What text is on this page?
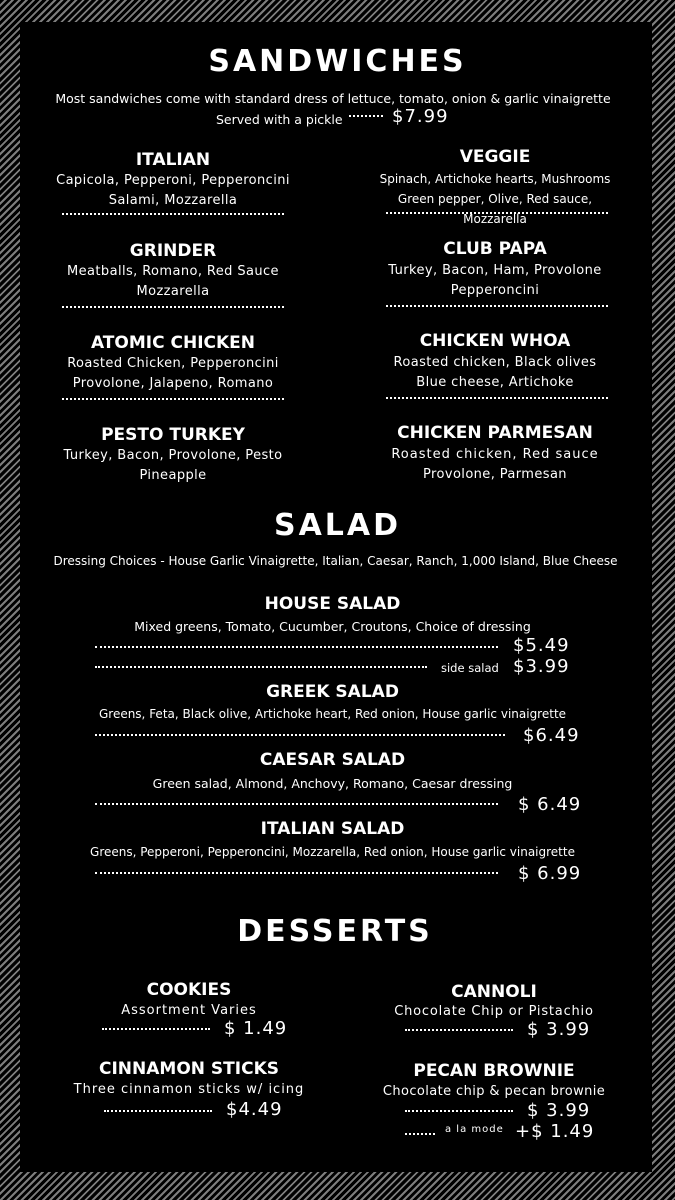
SANDWICHES
Most sandwiches come with standard dress of lettuce, tomato, onion & garlic vinaigrette
Served with a pickle	$7.99
ITALIAN
Capicola, Pepperoni, Pepperoncini
Salami, Mozzarella
GRINDER
Meatballs, Romano, Red Sauce
Mozzarella
ATOMIC CHICKEN
Roasted Chicken, Pepperoncini
Provolone, Jalapeno, Romano
PESTO TURKEY
Turkey, Bacon, Provolone, Pesto
Pineapple
VEGGIE
Spinach, Artichoke hearts, Mushrooms
Green pepper, Olive, Red sauce, Mozzarella
CLUB PAPA
Turkey, Bacon, Ham, Provolone
Pepperoncini
CHICKEN WHOA
Roasted chicken, Black olives
Blue cheese, Artichoke
CHICKEN PARMESAN
Roasted chicken, Red sauce
Provolone, Parmesan
SALAD
Dressing Choices - House Garlic Vinaigrette, Italian, Caesar, Ranch, 1,000 Island, Blue Cheese
HOUSE SALAD
Mixed greens, Tomato, Cucumber, Croutons, Choice of dressing
$5.49
side salad $3.99
GREEK SALAD
Greens, Feta, Black olive, Artichoke heart, Red onion, House garlic vinaigrette
$6.49
CAESAR SALAD
Green salad, Almond, Anchovy, Romano, Caesar dressing
$ 6.49
ITALIAN SALAD
Greens, Pepperoni, Pepperoncini, Mozzarella, Red onion, House garlic vinaigrette
$ 6.99
DESSERTS
COOKIES
Assortment Varies
$ 1.49
CANNOLI
Chocolate Chip or Pistachio
$ 3.99
CINNAMON STICKS
Three cinnamon sticks w/ icing
$4.49
PECAN BROWNIE
Chocolate chip & pecan brownie
$ 3.99
a la mode +$ 1.49
